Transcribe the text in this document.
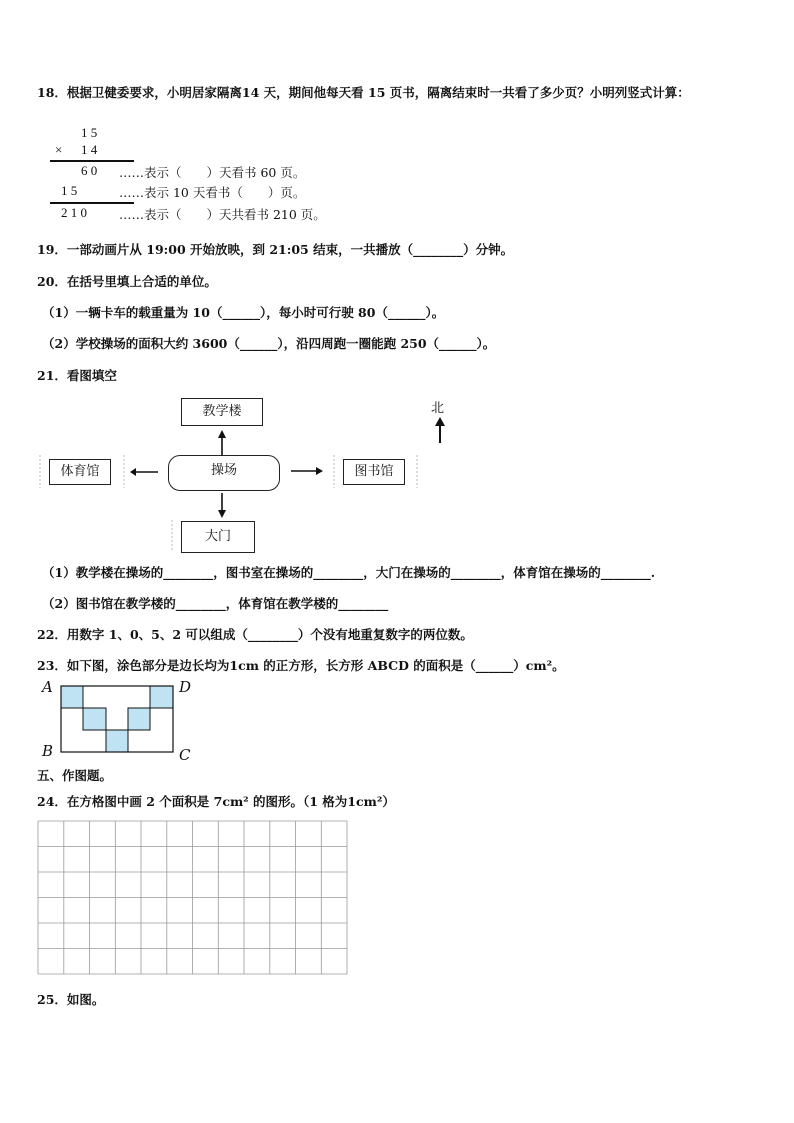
18．根据卫健委要求，小明居家隔离14 天，期间他每天看 15 页书，隔离结束时一共看了多少页？小明列竖式计算：
1 5
× 1 4
6 0 ……表示（　　）天看书 60 页。
1 5	……表示 10 天看书（　　）页。
2 1 0	……表示（　　）天共看书 210 页。
19．一部动画片从 19:00 开始放映，到 21:05 结束，一共播放（________）分钟。
20．在括号里填上合适的单位。
（1）一辆卡车的载重量为 10（______），每小时可行驶 80（______）。
（2）学校操场的面积大约 3600（______），沿四周跑一圈能跑 250（______）。
21．看图填空
教学楼	北
操场
体育馆	图书馆
大门
（1）教学楼在操场的________，图书室在操场的________，大门在操场的________，体育馆在操场的________.
（2）图书馆在教学楼的________，体育馆在教学楼的________
22．用数字 1、0、5、2 可以组成（________）个没有地重复数字的两位数。
23．如下图，涂色部分是边长均为1cm 的正方形，长方形 ABCD 的面积是（______）cm²。
A	D
B	C
五、作图题。
24．在方格图中画 2 个面积是 7cm² 的图形。（1 格为1cm²）
25．如图。
